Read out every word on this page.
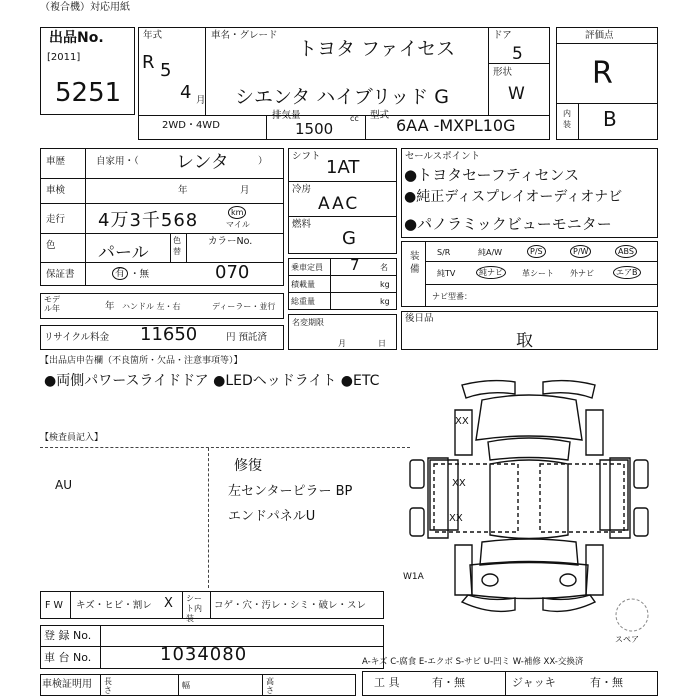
（複合機）対応用紙
出品No.
[2011]
5251
年式
R 5
4 月
車名・グレード
トヨタ ファイセス
シエンタ ハイブリッド G
ドア
5
形状
W
2WD・4WD
排気量	cc
1500
型式
6AA -MXPL10G
評価点
R
内装 B
車歴	自家用・（ レンタ	）
車検	年	月
走行 4万3千568	km
マイル
色 パール
色替
カラーNo.
保証書	有 ・無	070
モデル年	年 ハンドル 左・右	ディーラー・並行
リサイクル料金 11650	円 預託済
シフト
1AT
冷房
AAC
燃料
G
乗車定員 7	名
積載量	kg
総重量	kg
名変期限
月	日
セールスポイント
●トヨタセーフティセンス
●純正ディスプレイオーディオナビ
●パノラミックビューモニター
装備
S/R	純A/W	P/S	P/W	ABS
純TV	純ナビ	革シート 外ナビ	エアB
ナビ型番：
後日品
取
【出品店申告欄（不良箇所・欠品・注意事項等）】
●両側パワースライドドア ●LEDヘッドライト ●ETC
【検査員記入】
AU
修復
左センターピラー BP
エンドパネルU
F W キズ・ヒビ・割レ X シート内 装
コゲ・穴・汚レ・シミ・破レ・スレ
登 録 No.
車 台 No.	1034080
車検証明用 長さ
幅	高さ
工 具	有・無	ジャッキ	有・無
A-キズ C-腐食 E-エクボ S-サビ U-凹ミ W-補修 XX-交換済
スペア
XX
XX
XX
W1A
